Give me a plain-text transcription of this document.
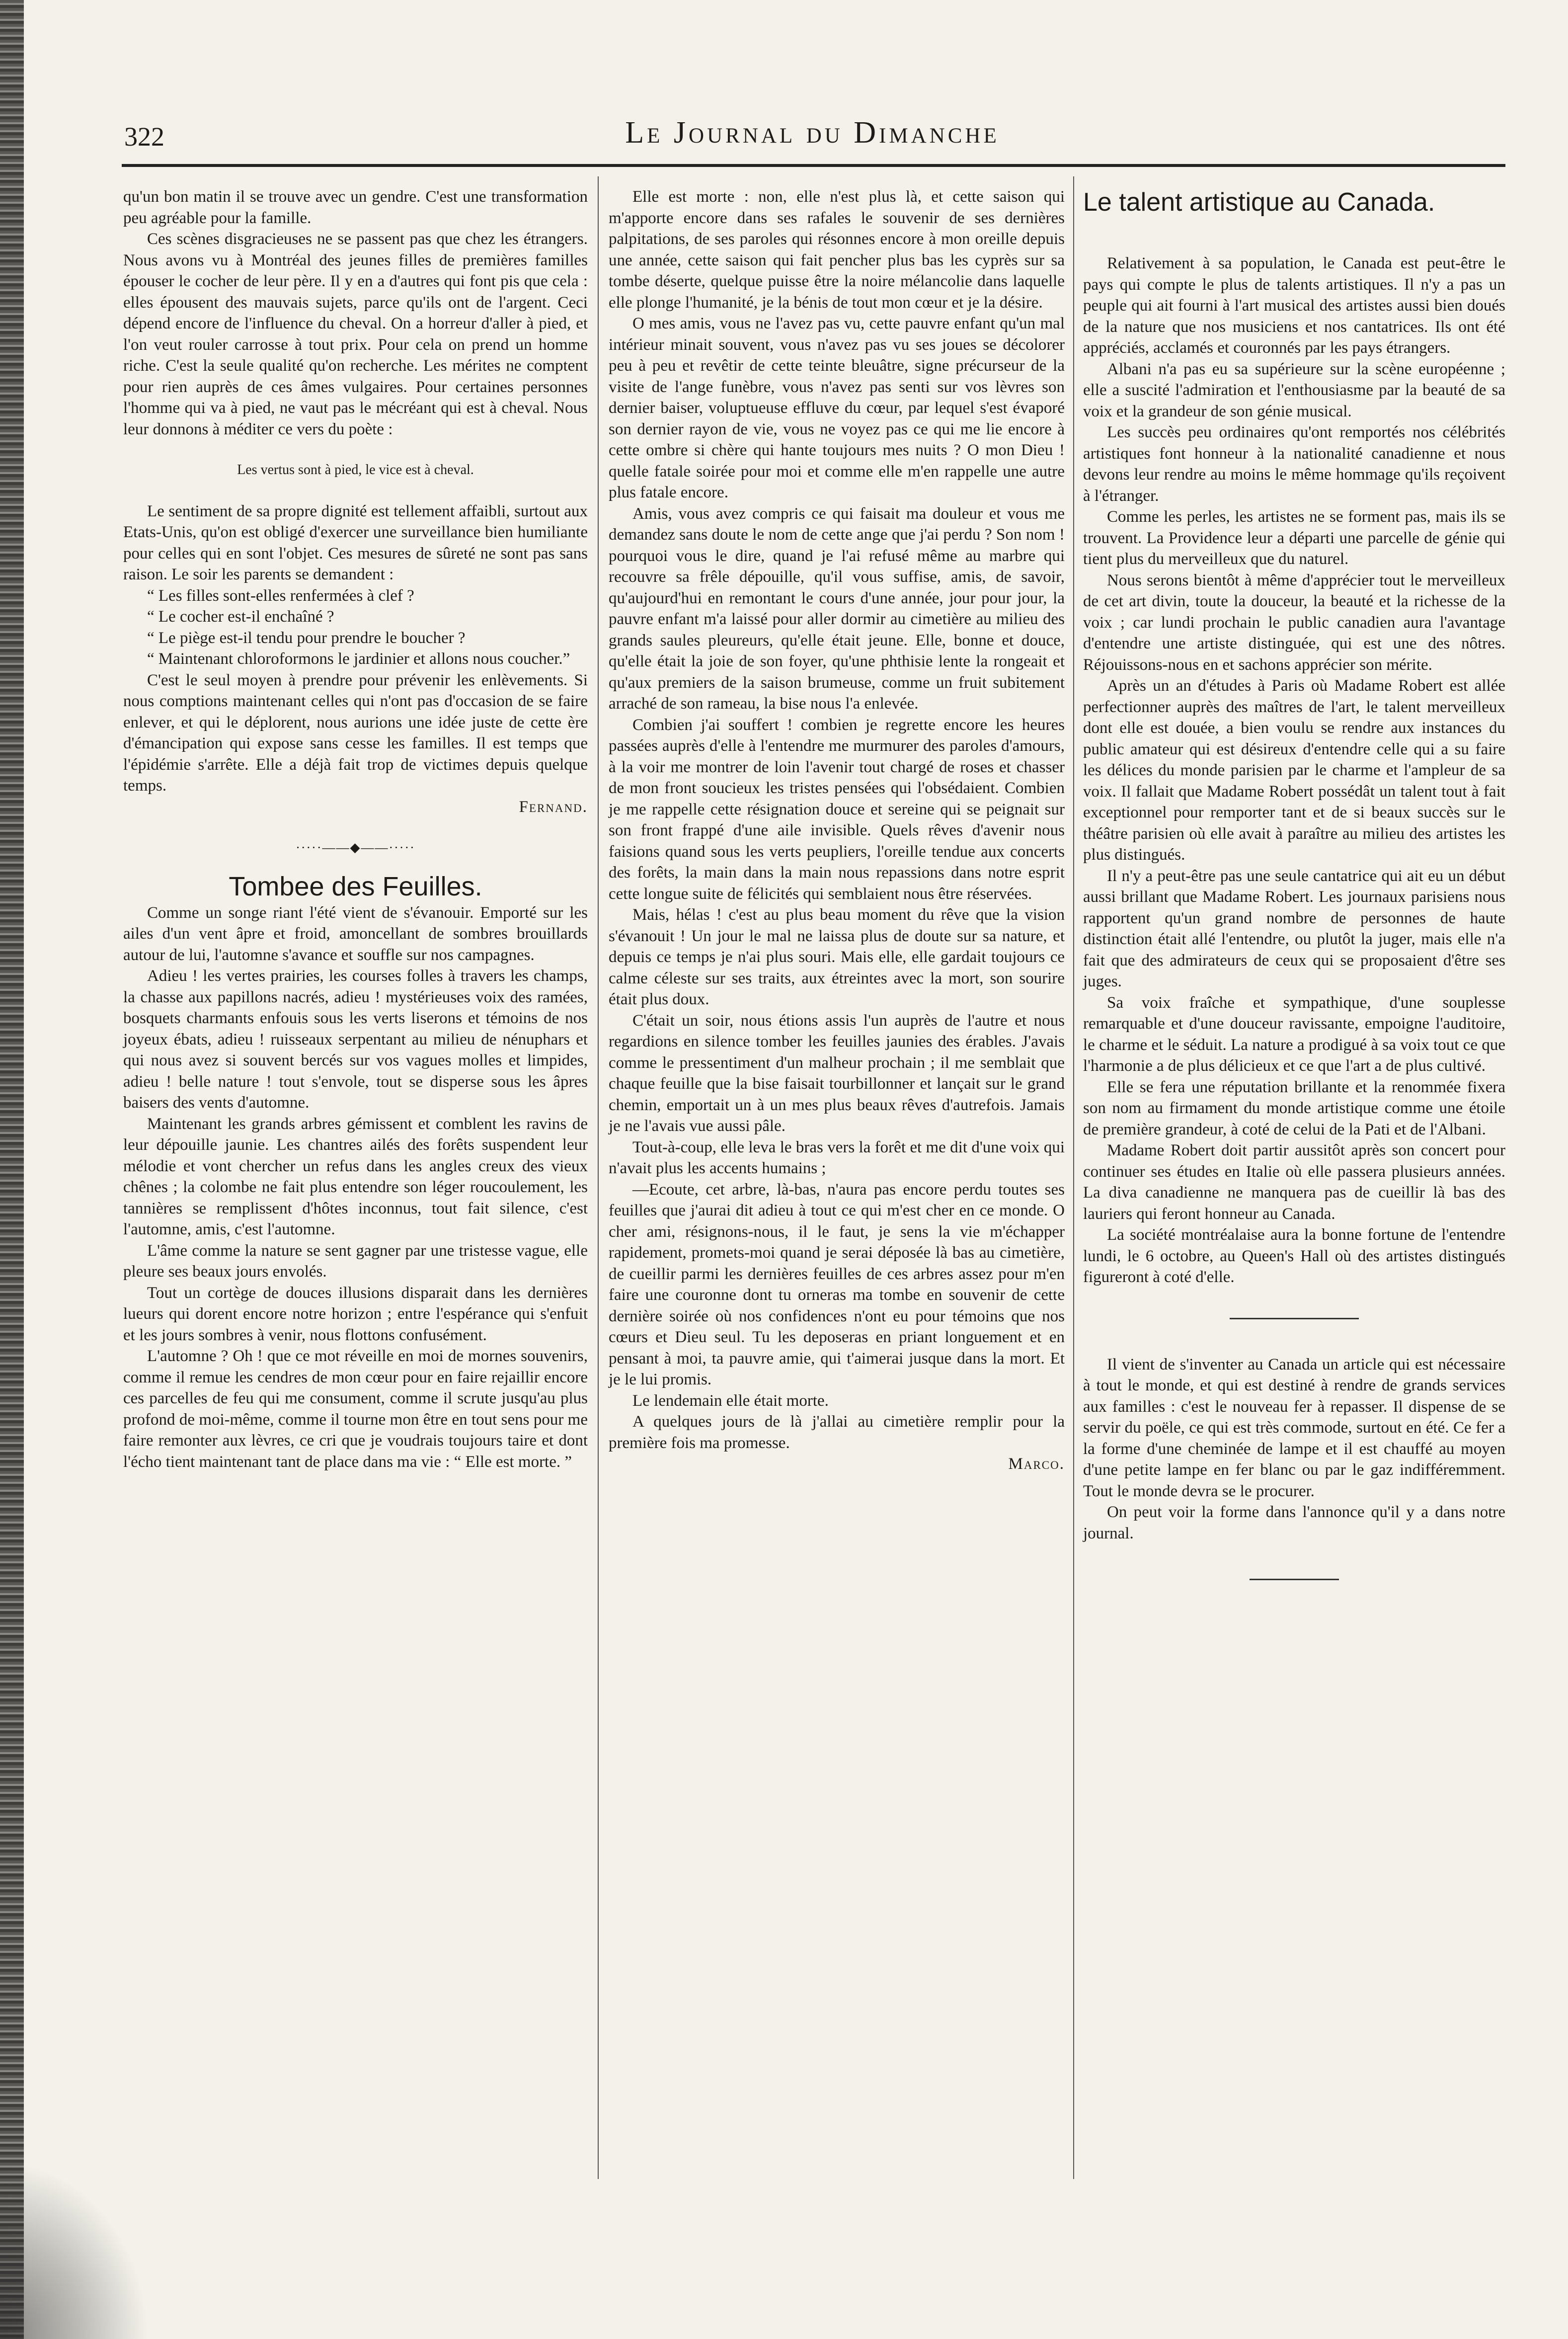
322	Le Journal du Dimanche

qu'un bon matin il se trouve avec un gendre. C'est une transformation peu agréable pour la famille.

Ces scènes disgracieuses ne se passent pas que chez les étrangers. Nous avons vu à Montréal des jeunes filles de premières familles épouser le cocher de leur père. Il y en a d'autres qui font pis que cela : elles épousent des mauvais sujets, parce qu'ils ont de l'argent. Ceci dépend encore de l'influence du cheval. On a horreur d'aller à pied, et l'on veut rouler carrosse à tout prix. Pour cela on prend un homme riche. C'est la seule qualité qu'on recherche. Les mérites ne comptent pour rien auprès de ces âmes vulgaires. Pour certaines personnes l'homme qui va à pied, ne vaut pas le mécréant qui est à cheval. Nous leur donnons à méditer ce vers du poète :

Les vertus sont à pied, le vice est à cheval.

Le sentiment de sa propre dignité est tellement affaibli, surtout aux Etats-Unis, qu'on est obligé d'exercer une surveillance bien humiliante pour celles qui en sont l'objet. Ces mesures de sûreté ne sont pas sans raison. Le soir les parents se demandent :

“ Les filles sont-elles renfermées à clef ?

“ Le cocher est-il enchaîné ?

“ Le piège est-il tendu pour prendre le boucher ?

“ Maintenant chloroformons le jardinier et allons nous coucher.”

C'est le seul moyen à prendre pour prévenir les enlèvements. Si nous comptions maintenant celles qui n'ont pas d'occasion de se faire enlever, et qui le déplorent, nous aurions une idée juste de cette ère d'émancipation qui expose sans cesse les familles. Il est temps que l'épidémie s'arrête. Elle a déjà fait trop de victimes depuis quelque temps.

Fernand.

·····——◆——·····

Tombee des Feuilles.

Comme un songe riant l'été vient de s'évanouir. Emporté sur les ailes d'un vent âpre et froid, amoncellant de sombres brouillards autour de lui, l'automne s'avance et souffle sur nos campagnes.

Adieu ! les vertes prairies, les courses folles à travers les champs, la chasse aux papillons nacrés, adieu ! mystérieuses voix des ramées, bosquets charmants enfouis sous les verts liserons et témoins de nos joyeux ébats, adieu ! ruisseaux serpentant au milieu de nénuphars et qui nous avez si souvent bercés sur vos vagues molles et limpides, adieu ! belle nature ! tout s'envole, tout se disperse sous les âpres baisers des vents d'automne.

Maintenant les grands arbres gémissent et comblent les ravins de leur dépouille jaunie. Les chantres ailés des forêts suspendent leur mélodie et vont chercher un refus dans les angles creux des vieux chênes ; la colombe ne fait plus entendre son léger roucoulement, les tannières se remplissent d'hôtes inconnus, tout fait silence, c'est l'automne, amis, c'est l'automne.

L'âme comme la nature se sent gagner par une tristesse vague, elle pleure ses beaux jours envolés.

Tout un cortège de douces illusions disparait dans les dernières lueurs qui dorent encore notre horizon ; entre l'espérance qui s'enfuit et les jours sombres à venir, nous flottons confusément.

L'automne ? Oh ! que ce mot réveille en moi de mornes souvenirs, comme il remue les cendres de mon cœur pour en faire rejaillir encore ces parcelles de feu qui me consument, comme il scrute jusqu'au plus profond de moi-même, comme il tourne mon être en tout sens pour me faire remonter aux lèvres, ce cri que je voudrais toujours taire et dont l'écho tient maintenant tant de place dans ma vie : “ Elle est morte. ”

Elle est morte : non, elle n'est plus là, et cette saison qui m'apporte encore dans ses rafales le souvenir de ses dernières palpitations, de ses paroles qui résonnes encore à mon oreille depuis une année, cette saison qui fait pencher plus bas les cyprès sur sa tombe déserte, quelque puisse être la noire mélancolie dans laquelle elle plonge l'humanité, je la bénis de tout mon cœur et je la désire.

O mes amis, vous ne l'avez pas vu, cette pauvre enfant qu'un mal intérieur minait souvent, vous n'avez pas vu ses joues se décolorer peu à peu et revêtir de cette teinte bleuâtre, signe précurseur de la visite de l'ange funèbre, vous n'avez pas senti sur vos lèvres son dernier baiser, voluptueuse effluve du cœur, par lequel s'est évaporé son dernier rayon de vie, vous ne voyez pas ce qui me lie encore à cette ombre si chère qui hante toujours mes nuits ? O mon Dieu ! quelle fatale soirée pour moi et comme elle m'en rappelle une autre plus fatale encore.

Amis, vous avez compris ce qui faisait ma douleur et vous me demandez sans doute le nom de cette ange que j'ai perdu ? Son nom ! pourquoi vous le dire, quand je l'ai refusé même au marbre qui recouvre sa frêle dépouille, qu'il vous suffise, amis, de savoir, qu'aujourd'hui en remontant le cours d'une année, jour pour jour, la pauvre enfant m'a laissé pour aller dormir au cimetière au milieu des grands saules pleureurs, qu'elle était jeune. Elle, bonne et douce, qu'elle était la joie de son foyer, qu'une phthisie lente la rongeait et qu'aux premiers de la saison brumeuse, comme un fruit subitement arraché de son rameau, la bise nous l'a enlevée.

Combien j'ai souffert ! combien je regrette encore les heures passées auprès d'elle à l'entendre me murmurer des paroles d'amours, à la voir me montrer de loin l'avenir tout chargé de roses et chasser de mon front soucieux les tristes pensées qui l'obsédaient. Combien je me rappelle cette résignation douce et sereine qui se peignait sur son front frappé d'une aile invisible. Quels rêves d'avenir nous faisions quand sous les verts peupliers, l'oreille tendue aux concerts des forêts, la main dans la main nous repassions dans notre esprit cette longue suite de félicités qui semblaient nous être réservées.

Mais, hélas ! c'est au plus beau moment du rêve que la vision s'évanouit ! Un jour le mal ne laissa plus de doute sur sa nature, et depuis ce temps je n'ai plus souri. Mais elle, elle gardait toujours ce calme céleste sur ses traits, aux étreintes avec la mort, son sourire était plus doux.

C'était un soir, nous étions assis l'un auprès de l'autre et nous regardions en silence tomber les feuilles jaunies des érables. J'avais comme le pressentiment d'un malheur prochain ; il me semblait que chaque feuille que la bise faisait tourbillonner et lançait sur le grand chemin, emportait un à un mes plus beaux rêves d'autrefois. Jamais je ne l'avais vue aussi pâle.

Tout-à-coup, elle leva le bras vers la forêt et me dit d'une voix qui n'avait plus les accents humains ;

—Ecoute, cet arbre, là-bas, n'aura pas encore perdu toutes ses feuilles que j'aurai dit adieu à tout ce qui m'est cher en ce monde. O cher ami, résignons-nous, il le faut, je sens la vie m'échapper rapidement, promets-moi quand je serai déposée là bas au cimetière, de cueillir parmi les dernières feuilles de ces arbres assez pour m'en faire une couronne dont tu orneras ma tombe en souvenir de cette dernière soirée où nos confidences n'ont eu pour témoins que nos cœurs et Dieu seul. Tu les deposeras en priant longuement et en pensant à moi, ta pauvre amie, qui t'aimerai jusque dans la mort. Et je le lui promis.

Le lendemain elle était morte.

A quelques jours de là j'allai au cimetière remplir pour la première fois ma promesse.

Marco.

Le talent artistique au Canada.

Relativement à sa population, le Canada est peut-être le pays qui compte le plus de talents artistiques. Il n'y a pas un peuple qui ait fourni à l'art musical des artistes aussi bien doués de la nature que nos musiciens et nos cantatrices. Ils ont été appréciés, acclamés et couronnés par les pays étrangers.

Albani n'a pas eu sa supérieure sur la scène européenne ; elle a suscité l'admiration et l'enthousiasme par la beauté de sa voix et la grandeur de son génie musical.

Les succès peu ordinaires qu'ont remportés nos célébrités artistiques font honneur à la nationalité canadienne et nous devons leur rendre au moins le même hommage qu'ils reçoivent à l'étranger.

Comme les perles, les artistes ne se forment pas, mais ils se trouvent. La Providence leur a départi une parcelle de génie qui tient plus du merveilleux que du naturel.

Nous serons bientôt à même d'apprécier tout le merveilleux de cet art divin, toute la douceur, la beauté et la richesse de la voix ; car lundi prochain le public canadien aura l'avantage d'entendre une artiste distinguée, qui est une des nôtres. Réjouissons-nous en et sachons apprécier son mérite.

Après un an d'études à Paris où Madame Robert est allée perfectionner auprès des maîtres de l'art, le talent merveilleux dont elle est douée, a bien voulu se rendre aux instances du public amateur qui est désireux d'entendre celle qui a su faire les délices du monde parisien par le charme et l'ampleur de sa voix. Il fallait que Madame Robert possédât un talent tout à fait exceptionnel pour remporter tant et de si beaux succès sur le théâtre parisien où elle avait à paraître au milieu des artistes les plus distingués.

Il n'y a peut-être pas une seule cantatrice qui ait eu un début aussi brillant que Madame Robert. Les journaux parisiens nous rapportent qu'un grand nombre de personnes de haute distinction était allé l'entendre, ou plutôt la juger, mais elle n'a fait que des admirateurs de ceux qui se proposaient d'être ses juges.

Sa voix fraîche et sympathique, d'une souplesse remarquable et d'une douceur ravissante, empoigne l'auditoire, le charme et le séduit. La nature a prodigué à sa voix tout ce que l'harmonie a de plus délicieux et ce que l'art a de plus cultivé.

Elle se fera une réputation brillante et la renommée fixera son nom au firmament du monde artistique comme une étoile de première grandeur, à coté de celui de la Pati et de l'Albani.

Madame Robert doit partir aussitôt après son concert pour continuer ses études en Italie où elle passera plusieurs années. La diva canadienne ne manquera pas de cueillir là bas des lauriers qui feront honneur au Canada.

La société montréalaise aura la bonne fortune de l'entendre lundi, le 6 octobre, au Queen's Hall où des artistes distingués figureront à coté d'elle.

Il vient de s'inventer au Canada un article qui est nécessaire à tout le monde, et qui est destiné à rendre de grands services aux familles : c'est le nouveau fer à repasser. Il dispense de se servir du poële, ce qui est très commode, surtout en été. Ce fer a la forme d'une cheminée de lampe et il est chauffé au moyen d'une petite lampe en fer blanc ou par le gaz indifféremment. Tout le monde devra se le procurer.

On peut voir la forme dans l'annonce qu'il y a dans notre journal.
